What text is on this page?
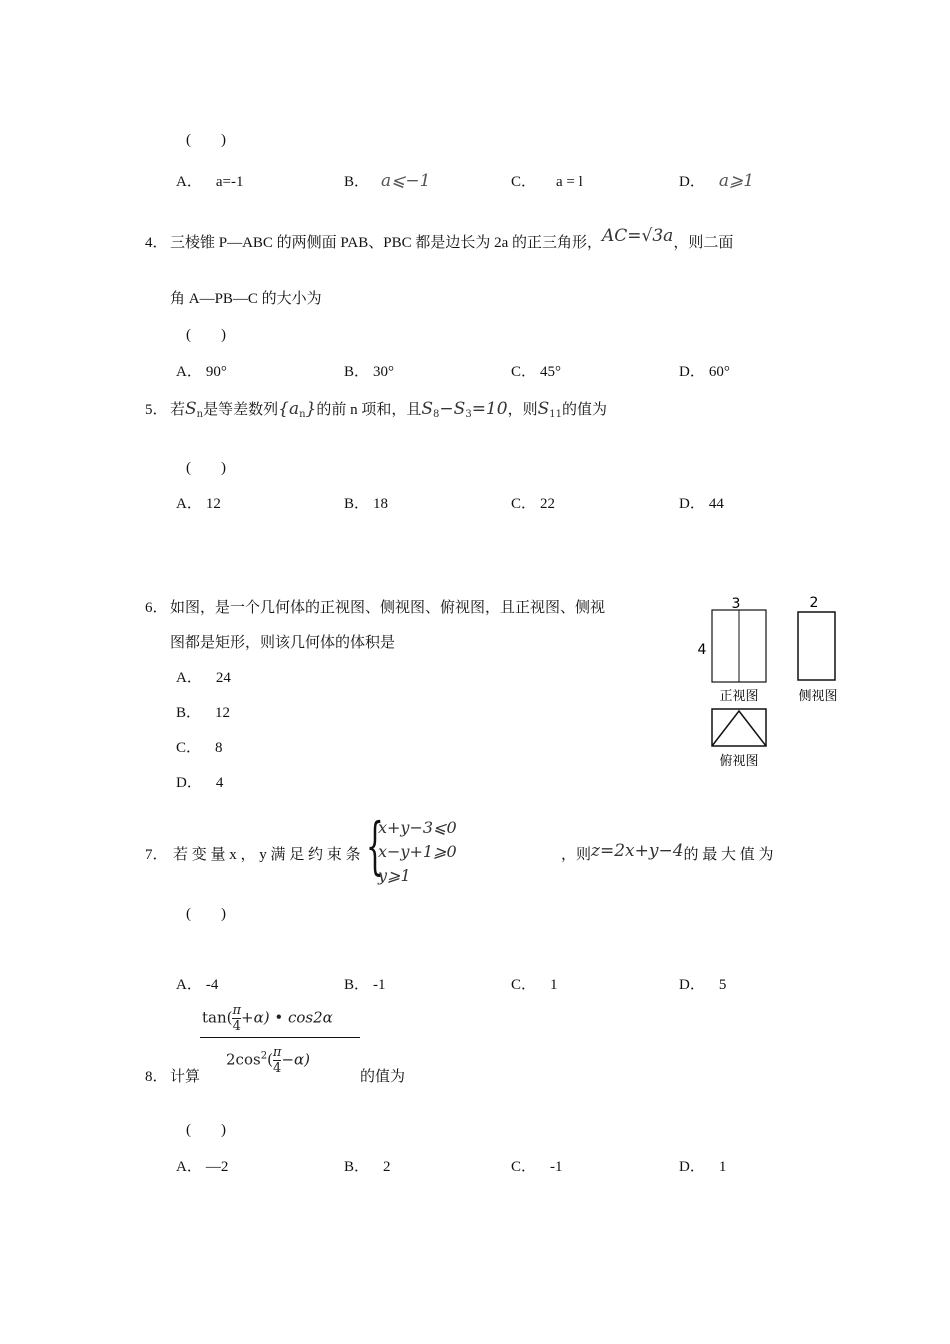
(　　)
A． a=-1	B． a⩽−1	C． a = l	D． a⩾1
4． 三棱锥 P—ABC 的两侧面 PAB、PBC 都是边长为 2a 的正三角形，AC=√3a，则二面
角 A—PB—C 的大小为
(　　)
A． 90°	B． 30°	C． 45°	D． 60°
5． 若$S_n$是等差数列$\{a_n\}$的前 n 项和，且$S_8-S_3=10$，则$S_{11}$的值为
(　　)
A． 12	B． 18	C． 22	D． 44
6． 如图，是一个几何体的正视图、侧视图、俯视图，且正视图、侧视
图都是矩形，则该几何体的体积是
A． 24
B． 12
C． 8
D． 4
3
4
正视图
2
侧视图
俯视图
7． 若 变 量 x ， y 满 足 约 束 条 {
x+y−3⩽0
x−y+1⩾0
y⩾1
，则z=2x+y−4的 最 大 值 为
(　　)
A． -4	B． -1	C． 1	D． 5
8． 计算
$\tan( \frac{\pi}{4} +\alpha)$ • cos2α
$2\cos^2( \frac{\pi}{4} -\alpha)$
的值为
(　　)
A． —2	B． 2	C． -1	D． 1
